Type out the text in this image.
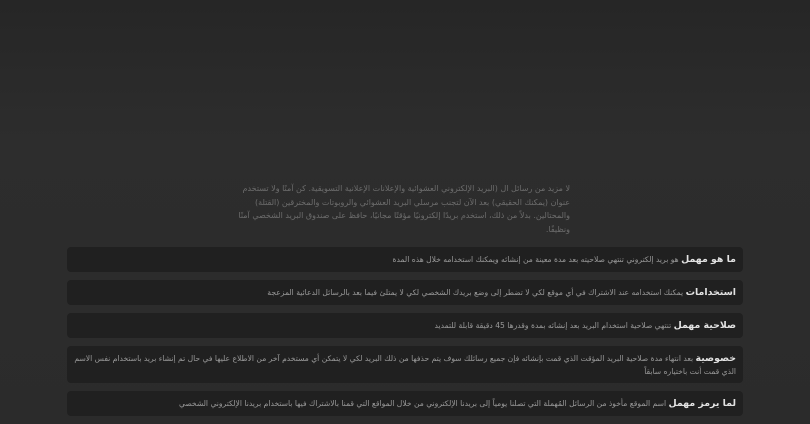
لا مزيد من رسائل ال (البريد الإلكتروني العشوائية والإعلانات الإعلانية التسويقية. كن آمنًا ولا تستخدم عنوان (يمكنك الحقيقي) بعد الآن لتجنب مرسلي البريد العشوائي والروبوتات والمخترقين (القتلة) والمحتالين. بدلاً من ذلك، استخدم بريدًا إلكترونيًا مؤقتًا مجانيًا، حافظ على صندوق البريد الشخصي آمنًا ونظيفًا.
ما هو مهمل هو بريد إلكتروني تنتهي صلاحيته بعد مدة معينة من إنشائه ويمكنك استخدامه خلال هذه المدة
استخدامات يمكنك استخدامه عند الاشتراك في أي موقع لكي لا تضطر إلى وضع بريدك الشخصي لكي لا يمتلئ فيما بعد بالرسائل الدعائية المزعجة
صلاحية مهمل تنتهي صلاحية استخدام البريد بعد إنشائه بمدة وقدرها 45 دقيقة قابلة للتمديد
خصوصية بعد انتهاء مدة صلاحية البريد المؤقت الذي قمت بإنشائه فإن جميع رسائلك سوف يتم حذفها من ذلك البريد لكي لا يتمكن أي مستخدم آخر من الاطلاع عليها في حال تم إنشاء بريد باستخدام نفس الاسم الذي قمت أنت باختياره سابقاً
لما يرمز مهمل اسم الموقع مأخوذ من الرسائل المُهملة التي تصلنا يومياً إلى بريدنا الإلكتروني من خلال المواقع التي قمنا بالاشتراك فيها باستخدام بريدنا الإلكتروني الشخصي
